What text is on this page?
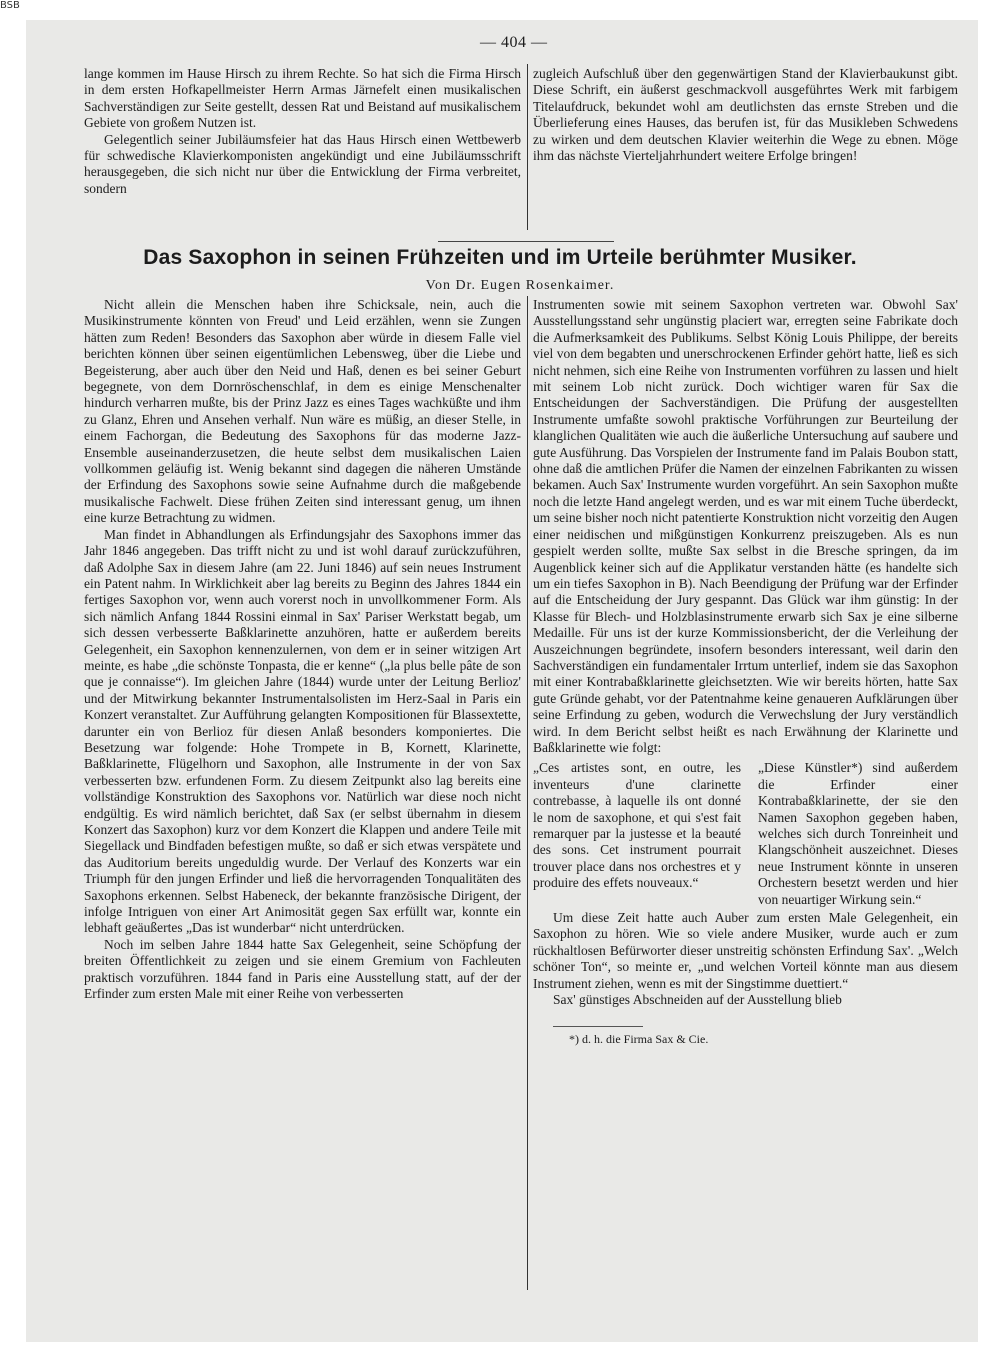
BSB
— 404 —

lange kommen im Hause Hirsch zu ihrem Rechte. So hat sich die Firma Hirsch in dem ersten Hofkapellmeister Herrn Armas Järnefelt einen musikalischen Sachverständigen zur Seite gestellt, dessen Rat und Beistand auf musikalischem Gebiete von großem Nutzen ist.

Gelegentlich seiner Jubiläumsfeier hat das Haus Hirsch einen Wettbewerb für schwedische Klavierkomponisten angekündigt und eine Jubiläumsschrift herausgegeben, die sich nicht nur über die Entwicklung der Firma verbreitet, sondern

zugleich Aufschluß über den gegenwärtigen Stand der Klavierbaukunst gibt. Diese Schrift, ein äußerst geschmackvoll ausgeführtes Werk mit farbigem Titelaufdruck, bekundet wohl am deutlichsten das ernste Streben und die Überlieferung eines Hauses, das berufen ist, für das Musikleben Schwedens zu wirken und dem deutschen Klavier weiterhin die Wege zu ebnen. Möge ihm das nächste Vierteljahrhundert weitere Erfolge bringen!

Das Saxophon in seinen Frühzeiten und im Urteile berühmter Musiker.
Von Dr. Eugen Rosenkaimer.

Nicht allein die Menschen haben ihre Schicksale, nein, auch die Musikinstrumente könnten von Freud' und Leid erzählen, wenn sie Zungen hätten zum Reden! Besonders das Saxophon aber würde in diesem Falle viel berichten können über seinen eigentümlichen Lebensweg, über die Liebe und Begeisterung, aber auch über den Neid und Haß, denen es bei seiner Geburt begegnete, von dem Dornröschenschlaf, in dem es einige Menschenalter hindurch verharren mußte, bis der Prinz Jazz es eines Tages wachküßte und ihm zu Glanz, Ehren und Ansehen verhalf. Nun wäre es müßig, an dieser Stelle, in einem Fachorgan, die Bedeutung des Saxophons für das moderne Jazz-Ensemble auseinanderzusetzen, die heute selbst dem musikalischen Laien vollkommen geläufig ist. Wenig bekannt sind dagegen die näheren Umstände der Erfindung des Saxophons sowie seine Aufnahme durch die maßgebende musikalische Fachwelt. Diese frühen Zeiten sind interessant genug, um ihnen eine kurze Betrachtung zu widmen.

Man findet in Abhandlungen als Erfindungsjahr des Saxophons immer das Jahr 1846 angegeben. Das trifft nicht zu und ist wohl darauf zurückzuführen, daß Adolphe Sax in diesem Jahre (am 22. Juni 1846) auf sein neues Instrument ein Patent nahm. In Wirklichkeit aber lag bereits zu Beginn des Jahres 1844 ein fertiges Saxophon vor, wenn auch vorerst noch in unvollkommener Form. Als sich nämlich Anfang 1844 Rossini einmal in Sax' Pariser Werkstatt begab, um sich dessen verbesserte Baßklarinette anzuhören, hatte er außerdem bereits Gelegenheit, ein Saxophon kennenzulernen, von dem er in seiner witzigen Art meinte, es habe „die schönste Tonpasta, die er kenne“ („la plus belle pâte de son que je connaisse“). Im gleichen Jahre (1844) wurde unter der Leitung Berlioz' und der Mitwirkung bekannter Instrumentalsolisten im Herz-Saal in Paris ein Konzert veranstaltet. Zur Aufführung gelangten Kompositionen für Blassextette, darunter ein von Berlioz für diesen Anlaß besonders komponiertes. Die Besetzung war folgende: Hohe Trompete in B, Kornett, Klarinette, Baßklarinette, Flügelhorn und Saxophon, alle Instrumente in der von Sax verbesserten bzw. erfundenen Form. Zu diesem Zeitpunkt also lag bereits eine vollständige Konstruktion des Saxophons vor. Natürlich war diese noch nicht endgültig. Es wird nämlich berichtet, daß Sax (er selbst übernahm in diesem Konzert das Saxophon) kurz vor dem Konzert die Klappen und andere Teile mit Siegellack und Bindfaden befestigen mußte, so daß er sich etwas verspätete und das Auditorium bereits ungeduldig wurde. Der Verlauf des Konzerts war ein Triumph für den jungen Erfinder und ließ die hervorragenden Tonqualitäten des Saxophons erkennen. Selbst Habeneck, der bekannte französische Dirigent, der infolge Intriguen von einer Art Animosität gegen Sax erfüllt war, konnte ein lebhaft geäußertes „Das ist wunderbar“ nicht unterdrücken.

Noch im selben Jahre 1844 hatte Sax Gelegenheit, seine Schöpfung der breiten Öffentlichkeit zu zeigen und sie einem Gremium von Fachleuten praktisch vorzuführen. 1844 fand in Paris eine Ausstellung statt, auf der der Erfinder zum ersten Male mit einer Reihe von verbesserten

Instrumenten sowie mit seinem Saxophon vertreten war. Obwohl Sax' Ausstellungsstand sehr ungünstig placiert war, erregten seine Fabrikate doch die Aufmerksamkeit des Publikums. Selbst König Louis Philippe, der bereits viel von dem begabten und unerschrockenen Erfinder gehört hatte, ließ es sich nicht nehmen, sich eine Reihe von Instrumenten vorführen zu lassen und hielt mit seinem Lob nicht zurück. Doch wichtiger waren für Sax die Entscheidungen der Sachverständigen. Die Prüfung der ausgestellten Instrumente umfaßte sowohl praktische Vorführungen zur Beurteilung der klanglichen Qualitäten wie auch die äußerliche Untersuchung auf saubere und gute Ausführung. Das Vorspielen der Instrumente fand im Palais Boubon statt, ohne daß die amtlichen Prüfer die Namen der einzelnen Fabrikanten zu wissen bekamen. Auch Sax' Instrumente wurden vorgeführt. An sein Saxophon mußte noch die letzte Hand angelegt werden, und es war mit einem Tuche überdeckt, um seine bisher noch nicht patentierte Konstruktion nicht vorzeitig den Augen einer neidischen und mißgünstigen Konkurrenz preiszugeben. Als es nun gespielt werden sollte, mußte Sax selbst in die Bresche springen, da im Augenblick keiner sich auf die Applikatur verstanden hätte (es handelte sich um ein tiefes Saxophon in B). Nach Beendigung der Prüfung war der Erfinder auf die Entscheidung der Jury gespannt. Das Glück war ihm günstig: In der Klasse für Blech- und Holzblasinstrumente erwarb sich Sax je eine silberne Medaille. Für uns ist der kurze Kommissionsbericht, der die Verleihung der Auszeichnungen begründete, insofern besonders interessant, weil darin den Sachverständigen ein fundamentaler Irrtum unterlief, indem sie das Saxophon mit einer Kontrabaßklarinette gleichsetzten. Wie wir bereits hörten, hatte Sax gute Gründe gehabt, vor der Patentnahme keine genaueren Aufklärungen über seine Erfindung zu geben, wodurch die Verwechslung der Jury verständlich wird. In dem Bericht selbst heißt es nach Erwähnung der Klarinette und Baßklarinette wie folgt:

„Ces artistes sont, en outre, les inventeurs d'une clarinette contrebasse, à laquelle ils ont donné le nom de saxophone, et qui s'est fait remarquer par la justesse et la beauté des sons. Cet instrument pourrait trouver place dans nos orchestres et y produire des effets nouveaux.“

„Diese Künstler*) sind außerdem die Erfinder einer Kontrabaßklarinette, der sie den Namen Saxophon gegeben haben, welches sich durch Tonreinheit und Klangschönheit auszeichnet. Dieses neue Instrument könnte in unseren Orchestern besetzt werden und hier von neuartiger Wirkung sein.“

Um diese Zeit hatte auch Auber zum ersten Male Gelegenheit, ein Saxophon zu hören. Wie so viele andere Musiker, wurde auch er zum rückhaltlosen Befürworter dieser unstreitig schönsten Erfindung Sax'. „Welch schöner Ton“, so meinte er, „und welchen Vorteil könnte man aus diesem Instrument ziehen, wenn es mit der Singstimme duettiert.“

Sax' günstiges Abschneiden auf der Ausstellung blieb

*) d. h. die Firma Sax & Cie.
